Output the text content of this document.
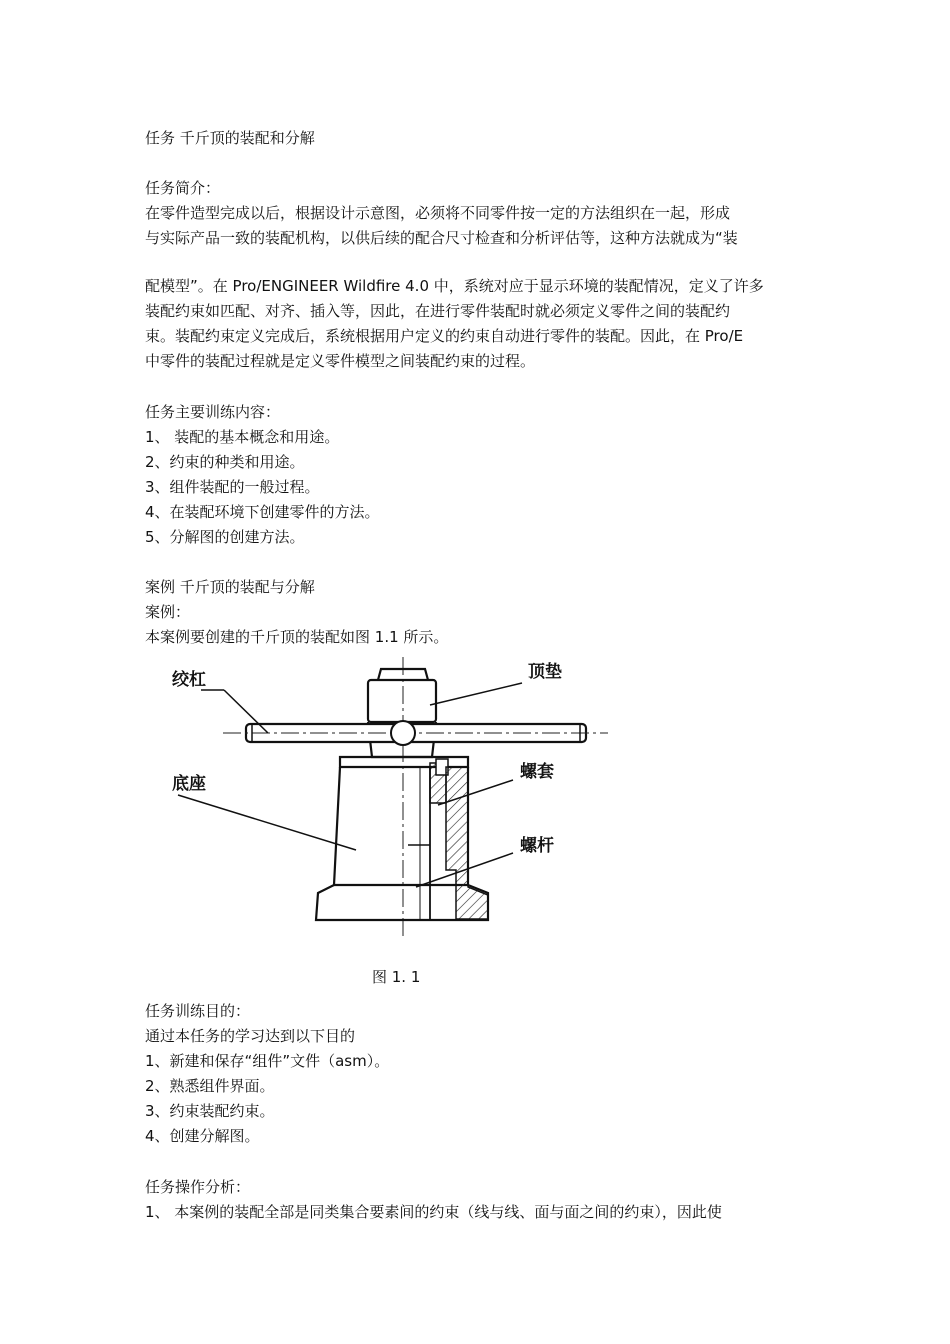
任务 千斤顶的装配和分解
任务简介：
在零件造型完成以后，根据设计示意图，必须将不同零件按一定的方法组织在一起，形成
与实际产品一致的装配机构，以供后续的配合尺寸检查和分析评估等，这种方法就成为“装
配模型”。在 Pro/ENGINEER Wildfire 4.0 中，系统对应于显示环境的装配情况，定义了许多
装配约束如匹配、对齐、插入等，因此，在进行零件装配时就必须定义零件之间的装配约
束。装配约束定义完成后，系统根据用户定义的约束自动进行零件的装配。因此，在 Pro/E
中零件的装配过程就是定义零件模型之间装配约束的过程。
任务主要训练内容：
1、 装配的基本概念和用途。
2、约束的种类和用途。
3、组件装配的一般过程。
4、在装配环境下创建零件的方法。
5、分解图的创建方法。
案例 千斤顶的装配与分解
案例：
本案例要创建的千斤顶的装配如图 1.1 所示。
绞杠	顶垫
底座
螺套
螺杆
图 1. 1
任务训练目的：
通过本任务的学习达到以下目的
1、新建和保存“组件”文件（asm）。
2、熟悉组件界面。
3、约束装配约束。
4、创建分解图。
任务操作分析：
1、 本案例的装配全部是同类集合要素间的约束（线与线、面与面之间的约束），因此使
